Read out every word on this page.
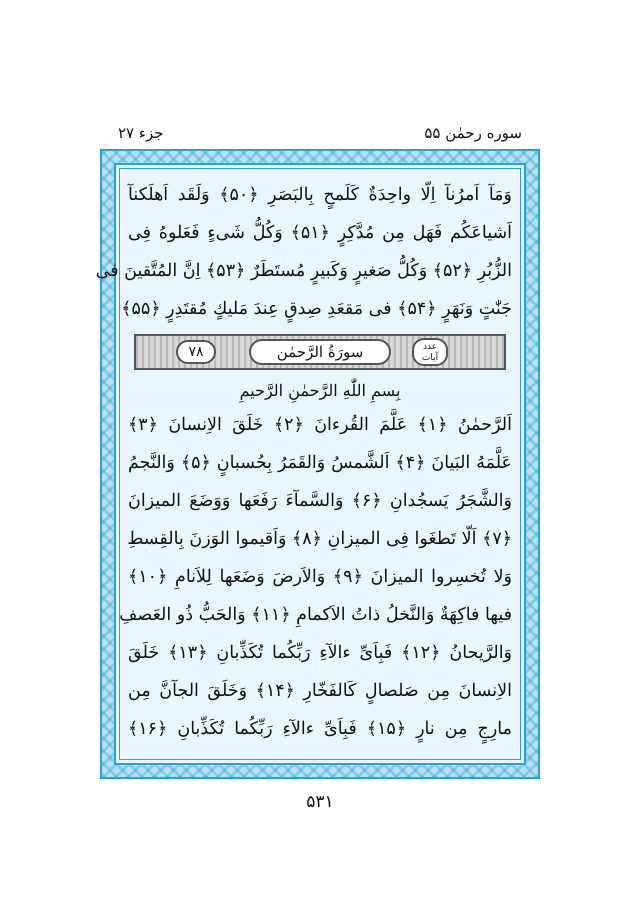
سوره رحمٰن ۵۵
جزء ۲۷
وَمَآ اَمرُنآ اِلّا واحِدَةٌ كَلَمحٍ بِالبَصَرِ ﴿۵۰﴾ وَلَقَد اَهلَكنآ
اَشياعَكُم فَهَل مِن مُدَّكِرٍ ﴿۵۱﴾ وَكُلُّ شَىءٍ فَعَلوهُ فِى
الزُّبُرِ ﴿۵۲﴾ وَكُلُّ صَغيرٍ وَكَبيرٍ مُستَطَرٌ ﴿۵۳﴾ اِنَّ المُتَّقينَ فى
جَنّٰتٍ وَنَهَرٍ ﴿۵۴﴾ فى مَقعَدِ صِدقٍ عِندَ مَليكٍ مُقتَدِرٍ ﴿۵۵﴾
عدد آيات
سورَةُ الرَّحمٰن
۷۸
بِسمِ اللّٰهِ الرَّحمٰنِ الرَّحيمِ
اَلرَّحمٰنُ ﴿۱﴾ عَلَّمَ القُرءانَ ﴿۲﴾ خَلَقَ الاِنسانَ ﴿۳﴾
عَلَّمَهُ البَيانَ ﴿۴﴾ اَلشَّمسُ وَالقَمَرُ بِحُسبانٍ ﴿۵﴾ وَالنَّجمُ
وَالشَّجَرُ يَسجُدانِ ﴿۶﴾ وَالسَّمآءَ رَفَعَها وَوَضَعَ الميزانَ
﴿۷﴾ اَلّا تَطغَوا فِى الميزانِ ﴿۸﴾ وَاَقيموا الوَزنَ بِالقِسطِ
وَلا تُخسِروا الميزانَ ﴿۹﴾ وَالاَرضَ وَضَعَها لِلاَنامِ ﴿۱۰﴾
فيها فاكِهَةٌ وَالنَّخلُ ذاتُ الاَكمامِ ﴿۱۱﴾ وَالحَبُّ ذُو العَصفِ
وَالرَّيحانُ ﴿۱۲﴾ فَبِاَىِّ ءالآءِ رَبِّكُما تُكَذِّبانِ ﴿۱۳﴾ خَلَقَ
الاِنسانَ مِن صَلصالٍ كَالفَخّارِ ﴿۱۴﴾ وَخَلَقَ الجآنَّ مِن
مارِجٍ مِن نارٍ ﴿۱۵﴾ فَبِاَىِّ ءالآءِ رَبِّكُما تُكَذِّبانِ ﴿۱۶﴾
۵۳۱
